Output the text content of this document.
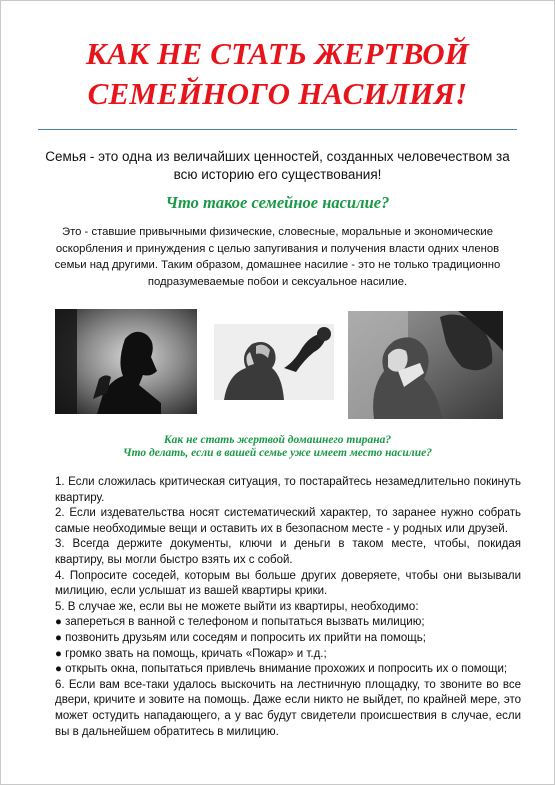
КАК НЕ СТАТЬ ЖЕРТВОЙ
СЕМЕЙНОГО НАСИЛИЯ!
Семья - это одна из величайших ценностей, созданных человечеством за всю историю его существования!
Что такое семейное насилие?
Это - ставшие привычными физические, словесные, моральные и экономические оскорбления и принуждения с целью запугивания и получения власти одних членов семьи над другими. Таким образом, домашнее насилие - это не только традиционно подразумеваемые побои и сексуальное насилие.
Как не стать жертвой домашнего тирана?
Что делать, если в вашей семье уже имеет место насилие?

1. Если сложилась критическая ситуация, то постарайтесь незамедлительно покинуть квартиру.

2. Если издевательства носят систематический характер, то заранее нужно собрать самые необходимые вещи и оставить их в безопасном месте - у родных или друзей.

3. Всегда держите документы, ключи и деньги в таком месте, чтобы, покидая квартиру, вы могли быстро взять их с собой.

4. Попросите соседей, которым вы больше других доверяете, чтобы они вызывали милицию, если услышат из вашей квартиры крики.

5. В случае же, если вы не можете выйти из квартиры, необходимо:

● запереться в ванной с телефоном и попытаться вызвать милицию;

● позвонить друзьям или соседям и попросить их прийти на помощь;

● громко звать на помощь, кричать «Пожар» и т.д.;

● открыть окна, попытаться привлечь внимание прохожих и попросить их о помощи;

6. Если вам все-таки удалось выскочить на лестничную площадку, то звоните во все двери, кричите и зовите на помощь. Даже если никто не выйдет, по крайней мере, это может остудить нападающего, а у вас будут свидетели происшествия в случае, если вы в дальнейшем обратитесь в милицию.
